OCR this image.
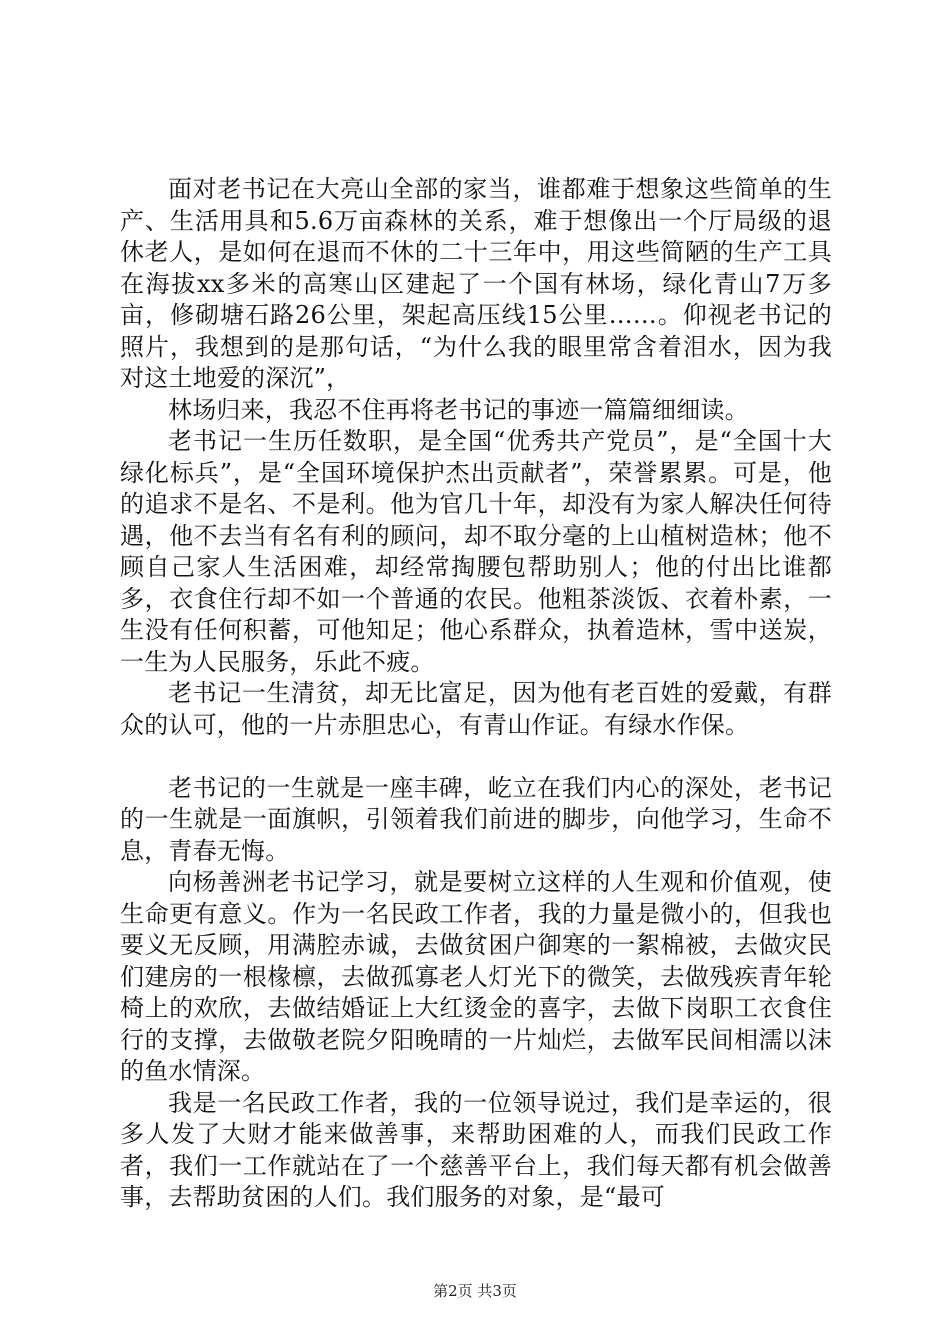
面对老书记在大亮山全部的家当，谁都难于想象这些简单的生产、生活用具和5.6万亩森林的关系，难于想像出一个厅局级的退休老人，是如何在退而不休的二十三年中，用这些简陋的生产工具在海拔xx多米的高寒山区建起了一个国有林场，绿化青山7万多亩，修砌塘石路26公里，架起高压线15公里……。仰视老书记的照片，我想到的是那句话，“为什么我的眼里常含着泪水，因为我对这土地爱的深沉”，

林场归来，我忍不住再将老书记的事迹一篇篇细细读。

老书记一生历任数职，是全国“优秀共产党员”，是“全国十大绿化标兵”，是“全国环境保护杰出贡献者”，荣誉累累。可是，他的追求不是名、不是利。他为官几十年，却没有为家人解决任何待遇，他不去当有名有利的顾问，却不取分毫的上山植树造林；他不顾自己家人生活困难，却经常掏腰包帮助别人；他的付出比谁都多，衣食住行却不如一个普通的农民。他粗茶淡饭、衣着朴素，一生没有任何积蓄，可他知足；他心系群众，执着造林，雪中送炭，一生为人民服务，乐此不疲。

老书记一生清贫，却无比富足，因为他有老百姓的爱戴，有群众的认可，他的一片赤胆忠心，有青山作证。有绿水作保。

老书记的一生就是一座丰碑，屹立在我们内心的深处，老书记的一生就是一面旗帜，引领着我们前进的脚步，向他学习，生命不息，青春无悔。

向杨善洲老书记学习，就是要树立这样的人生观和价值观，使生命更有意义。作为一名民政工作者，我的力量是微小的，但我也要义无反顾，用满腔赤诚，去做贫困户御寒的一絮棉被，去做灾民们建房的一根椽檩，去做孤寡老人灯光下的微笑，去做残疾青年轮椅上的欢欣，去做结婚证上大红烫金的喜字，去做下岗职工衣食住行的支撑，去做敬老院夕阳晚晴的一片灿烂，去做军民间相濡以沫的鱼水情深。

我是一名民政工作者，我的一位领导说过，我们是幸运的，很多人发了大财才能来做善事，来帮助困难的人，而我们民政工作者，我们一工作就站在了一个慈善平台上，我们每天都有机会做善事，去帮助贫困的人们。我们服务的对象，是“最可

第2页 共3页
